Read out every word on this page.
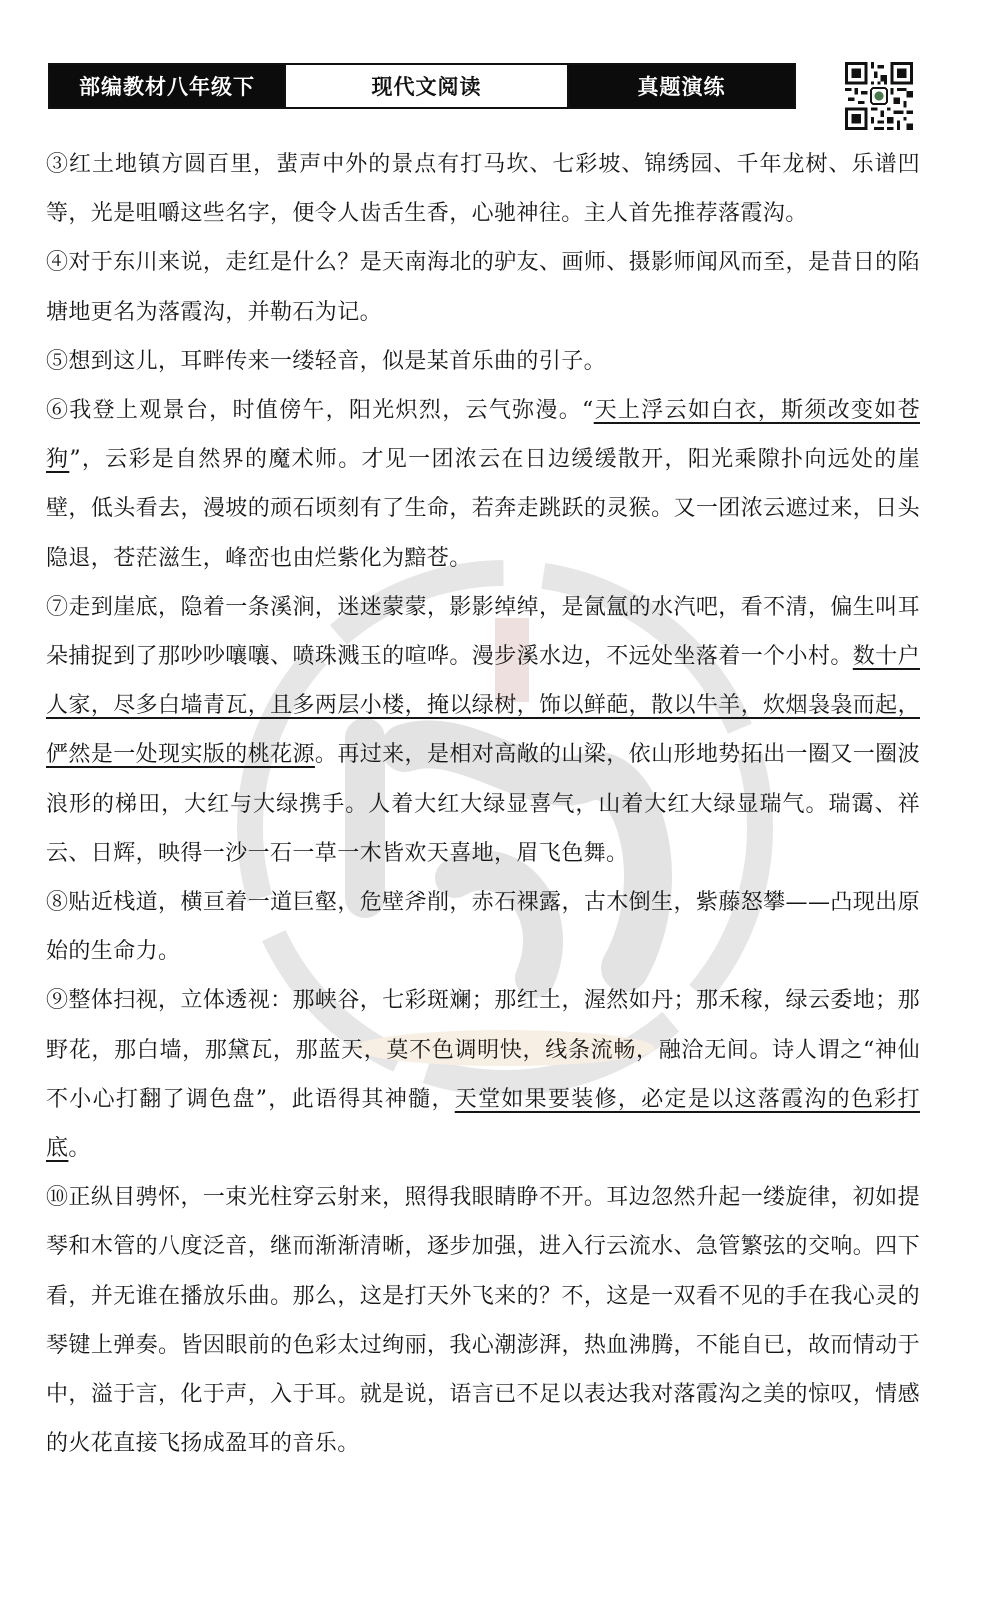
部编教材八年级下	现代文阅读	真题演练

③红土地镇方圆百里，蜚声中外的景点有打马坎、七彩坡、锦绣园、千年龙树、乐谱凹等，光是咀嚼这些名字，便令人齿舌生香，心驰神往。主人首先推荐落霞沟。

④对于东川来说，走红是什么？是天南海北的驴友、画师、摄影师闻风而至，是昔日的陷塘地更名为落霞沟，并勒石为记。

⑤想到这儿，耳畔传来一缕轻音，似是某首乐曲的引子。

⑥我登上观景台，时值傍午，阳光炽烈，云气弥漫。“天上浮云如白衣，斯须改变如苍狗”，云彩是自然界的魔术师。才见一团浓云在日边缓缓散开，阳光乘隙扑向远处的崖壁，低头看去，漫坡的顽石顷刻有了生命，若奔走跳跃的灵猴。又一团浓云遮过来，日头隐退，苍茫滋生，峰峦也由烂紫化为黯苍。

⑦走到崖底，隐着一条溪涧，迷迷蒙蒙，影影绰绰，是氤氲的水汽吧，看不清，偏生叫耳朵捕捉到了那吵吵嚷嚷、喷珠溅玉的喧哗。漫步溪水边，不远处坐落着一个小村。数十户人家，尽多白墙青瓦，且多两层小楼，掩以绿树，饰以鲜葩，散以牛羊，炊烟袅袅而起，俨然是一处现实版的桃花源。再过来，是相对高敞的山梁，依山形地势拓出一圈又一圈波浪形的梯田，大红与大绿携手。人着大红大绿显喜气，山着大红大绿显瑞气。瑞霭、祥云、日辉，映得一沙一石一草一木皆欢天喜地，眉飞色舞。

⑧贴近栈道，横亘着一道巨壑，危壁斧削，赤石裸露，古木倒生，紫藤怒攀——凸现出原始的生命力。

⑨整体扫视，立体透视：那峡谷，七彩斑斓；那红土，渥然如丹；那禾稼，绿云委地；那野花，那白墙，那黛瓦，那蓝天，莫不色调明快，线条流畅，融洽无间。诗人谓之“神仙不小心打翻了调色盘”，此语得其神髓，天堂如果要装修，必定是以这落霞沟的色彩打底。

⑩正纵目骋怀，一束光柱穿云射来，照得我眼睛睁不开。耳边忽然升起一缕旋律，初如提琴和木管的八度泛音，继而渐渐清晰，逐步加强，进入行云流水、急管繁弦的交响。四下看，并无谁在播放乐曲。那么，这是打天外飞来的？不，这是一双看不见的手在我心灵的琴键上弹奏。皆因眼前的色彩太过绚丽，我心潮澎湃，热血沸腾，不能自已，故而情动于中，溢于言，化于声，入于耳。就是说，语言已不足以表达我对落霞沟之美的惊叹，情感的火花直接飞扬成盈耳的音乐。
